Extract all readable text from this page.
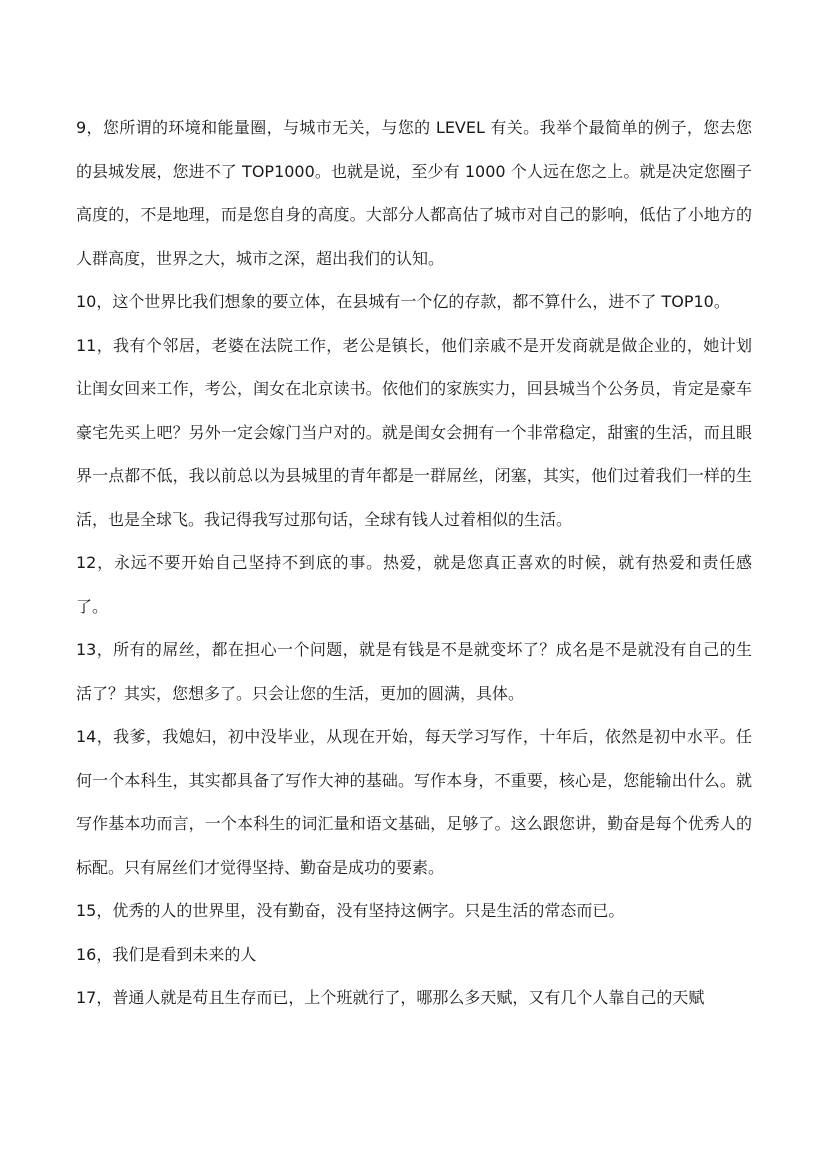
9，您所谓的环境和能量圈，与城市无关，与您的 LEVEL 有关。我举个最简单的例子，您去您的县城发展，您进不了 TOP1000。也就是说，至少有 1000 个人远在您之上。就是决定您圈子高度的，不是地理，而是您自身的高度。大部分人都高估了城市对自己的影响，低估了小地方的人群高度，世界之大，城市之深，超出我们的认知。

10，这个世界比我们想象的要立体，在县城有一个亿的存款，都不算什么，进不了 TOP10。

11，我有个邻居，老婆在法院工作，老公是镇长，他们亲戚不是开发商就是做企业的，她计划让闺女回来工作，考公，闺女在北京读书。依他们的家族实力，回县城当个公务员，肯定是豪车豪宅先买上吧？另外一定会嫁门当户对的。就是闺女会拥有一个非常稳定，甜蜜的生活，而且眼界一点都不低，我以前总以为县城里的青年都是一群屌丝，闭塞，其实，他们过着我们一样的生活，也是全球飞。我记得我写过那句话，全球有钱人过着相似的生活。

12，永远不要开始自己坚持不到底的事。热爱，就是您真正喜欢的时候，就有热爱和责任感了。

13，所有的屌丝，都在担心一个问题，就是有钱是不是就变坏了？成名是不是就没有自己的生活了？其实，您想多了。只会让您的生活，更加的圆满，具体。

14，我爹，我媳妇，初中没毕业，从现在开始，每天学习写作，十年后，依然是初中水平。任何一个本科生，其实都具备了写作大神的基础。写作本身，不重要，核心是，您能输出什么。就写作基本功而言，一个本科生的词汇量和语文基础，足够了。这么跟您讲，勤奋是每个优秀人的标配。只有屌丝们才觉得坚持、勤奋是成功的要素。

15，优秀的人的世界里，没有勤奋，没有坚持这俩字。只是生活的常态而已。

16，我们是看到未来的人

17，普通人就是苟且生存而已，上个班就行了，哪那么多天赋，又有几个人靠自己的天赋
